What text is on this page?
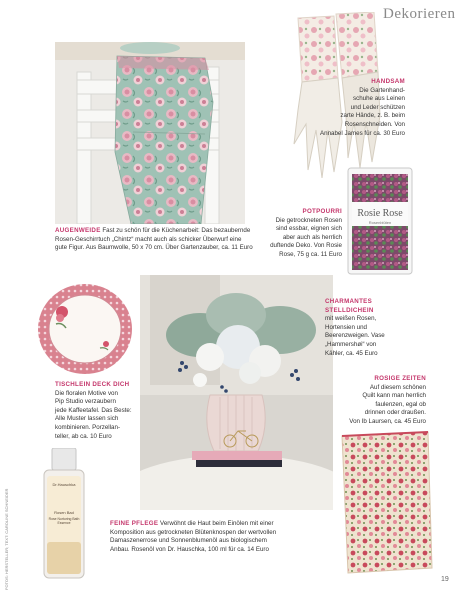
Dekorieren
AUGENWEIDE Fast zu schön für die Küchenarbeit: Das bezaubernde
Rosen-Geschirrtuch „Chintz“ macht auch als schicker Überwurf eine
gute Figur. Aus Baumwolle, 50 x 70 cm. Über Gartenzauber, ca. 11 Euro
HANDSAM
Die Gartenhand-
schuhe aus Leinen
und Leder schützen
zarte Hände, z. B. beim
Rosenschneiden. Von
Annabel James für ca. 30 Euro
Rosie Rose
Rosenblüten
POTPOURRI
Die getrockneten Rosen
sind essbar, eignen sich
aber auch als herrlich
duftende Deko. Von Rosie
Rose, 75 g ca. 11 Euro
TISCHLEIN DECK DICH
Die floralen Motive von
Pip Studio verzaubern
jede Kaffeetafel. Das Beste:
Alle Muster lassen sich
kombinieren. Porzellan-
teller, ab ca. 10 Euro
CHARMANTES
STELLDICHEIN
mit weißen Rosen,
Hortensien und
Beerenzweigen. Vase
„Hammershøi“ von
Kähler, ca. 45 Euro
ROSIGE ZEITEN
Auf diesem schönen
Quilt kann man herrlich
faulenzen, egal ob
drinnen oder draußen.
Von Ib Laursen, ca. 45 Euro
Dr.Hauschka
Rosen Bad
Rose Nurturing Bath Essence	FEINE PFLEGE Verwöhnt die Haut beim Einölen mit einer
Komposition aus getrockneten Blütenknospen der wertvollen
Damaszenerrose und Sonnenblumenöl aus biologischem
Anbau. Rosenöl von Dr. Hauschka, 100 ml für ca. 14 Euro
FOTOS: HERSTELLER; TEXT: CAROLINE SCHNEIDER	19
